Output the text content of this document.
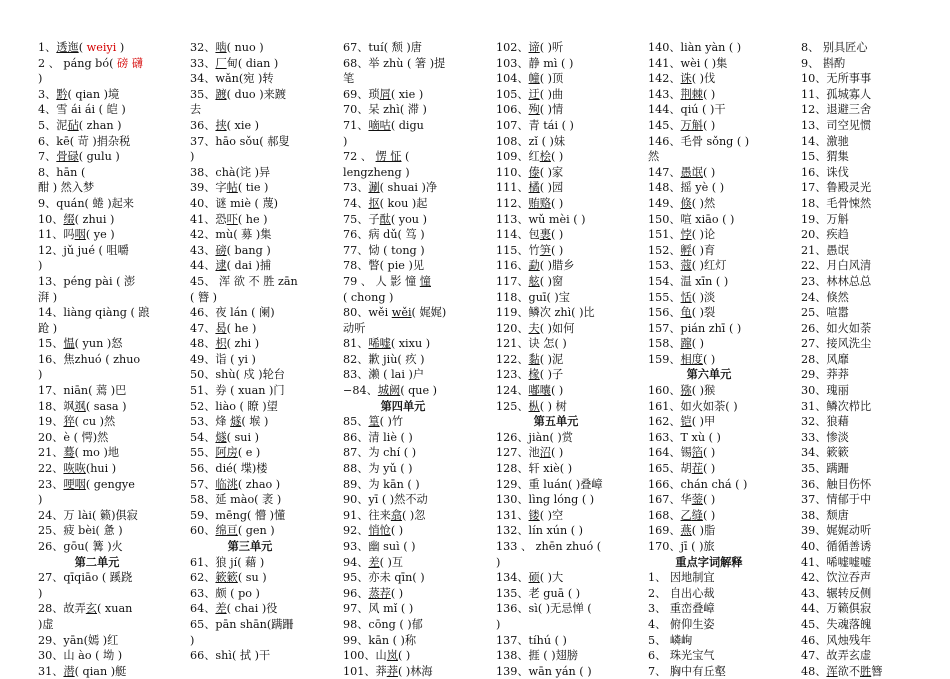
1、透迤( weiyi )
2 、 páng bó( 磅 礴
)
3、黔( qian )境
4、雪 ái ái ( 皑 )
5、泥砧( zhan )
6、kē( 苛 )捐杂税
7、骨碌( gulu )
8、hān (
酣 ) 然入梦
9、quán( 蜷 )起来
10、缀( zhui )
11、吗咽( ye )
12、jǔ jué ( 咀嚼
)
13、péng pài ( 澎
湃 )
14、liàng qiàng ( 踉
跄 )
15、愠( yun )怒
16、焦zhuó ( zhuo
)
17、niān( 蔫 )巴
18、飒飒( sasa )
19、猝( cu )然
20、è ( 愕)然
21、蓦( mo )地
22、咴咴(hui )
23、哽咽( gengye
)
24、万 lài( 籁)俱寂
25、疲 bèi( 惫 )
26、gōu( 篝 )火
第二单元
27、qīqiāo ( 蹊跷
)
28、故弄玄( xuan
)虚
29、yān(嫣 )红
30、山 ào ( 坳 )
31、潜( qian )艇
32、啮( nuo )
33、厂甸( dian )
34、wǎn(宛 )转
35、踱( duo )来踱
去
36、挟( xie )
37、hāo sǒu( 郝叟
)
38、chà(诧 )异
39、字帖( tie )
40、谜 miè ( 蔑)
41、恐吓( he )
42、mù( 募 )集
43、磅( bang )
44、逮( dai )捕
45、 浑 欲 不 胜 zān
( 簪 )
46、夜 lán ( 阑)
47、曷( he )
48、枳( zhi )
49、诣 ( yi )
50、shù( 戍 )轮台
51、券 ( xuan )门
52、liào ( 瞭 )望
53、烽 燧( 堠 )
54、燧( sui )
55、阿房( e )
56、dié( 堞)楼
57、临洮( zhao )
58、延 mào( 袤 )
59、mēng( 懵 )懂
60、绵亘( gen )
第三单元
61、狼 jí( 藉 )
62、簌簌( su )
63、颇 ( po )
64、差( chai )役
65、pān shān(蹒跚
)
66、shì( 拭 )干
67、tuí( 颓 )唐
68、举 zhù ( 箸 )提
笔
69、琐屑( xie )
70、呆 zhì( 滞 )
71、嘀咕( digu
)
72 、 愣 怔 (
lengzheng )
73、涮( shuai )净
74、抠( kou )起
75、子酞( you )
76、病 dǔ( 笃 )
77、恸 ( tong )
78、瞥( pie )见
79 、 人 影 憧 憧
( chong )
80、wěi wěi( 娓娓)
动听
81、唏嘘( xixu )
82、歉 jiù( 疚 )
83、濑 ( lai )户
−84、城阙( que )
第四单元
85、篁( )竹
86、清 liè ( )
87、为 chí ( )
88、为 yǔ ( )
89、为 kān ( )
90、yī ( )然不动
91、往来翕( )忽
92、悄怆( )
93、幽 suì ( )
94、差( )互
95、亦未 qīn( )
96、蒸荐( )
97、风 mǐ ( )
98、cōng ( )郁
99、kān ( )称
100、山岚( )
101、莽莽( )林海
102、谛( )听
103、静 mì ( )
104、幢( )顶
105、迂( )曲
106、殉( )情
107、青 tái ( )
108、zǐ ( )妹
109、红桧( )
110、傣( )家
111、橘( )园
112、贿赂( )
113、wǔ mèi ( )
114、包裹( )
115、竹笋( )
116、勐( )腊乡
117、舷( )窗
118、guī( )宝
119、鳞次 zhì( )比
120、夫( )如何
121、诀 怎( )
122、黏( )泥
123、椽( )子
124、嘟囔( )
125、枞( ) 树
第五单元
126、jiàn( )赏
127、池沼( )
128、轩 xiè( )
129、重 luán( )叠嶂
130、lìng lóng ( )
131、镂( )空
132、lín xún ( )
133 、 zhēn zhuó (
)
134、硕( )大
135、老 guā ( )
136、sì( )无忌惮 (
)
137、tíhú ( )
138、捱 ( )翅膀
139、wān yán ( )
140、liàn yàn ( )
141、wèi ( )集
142、诛( )伐
143、荆棘( )
144、qiú ( )干
145、万斛( )
146、毛骨 sǒng ( )
然
147、愚氓( )
148、摇 yè ( )
149、倏( )然
150、喧 xiāo ( )
151、悖( )论
152、孵( )育
153、蔻( )红灯
154、温 xīn ( )
155、恬( )淡
156、龟( )裂
157、pián zhī ( )
158、蹿( )
159、相度( )
第六单元
160、猕( )猴
161、如火如荼( )
162、铠( )甲
163、T xù ( )
164、锡箔( )
165、胡茬( )
166、chán chá ( )
167、华蓥( )
168、乙缝( )
169、燕( )脂
170、jī ( )旅
重点字词解释
1、 因地制宜
2、 自出心裁
3、 重峦叠嶂
4、 俯仰生姿
5、 嶙峋
6、 珠光宝气
7、 胸中有丘壑
8、 别具匠心
9、 斟酌
10、无所事事
11、孤城寡人
12、退避三舍
13、司空见惯
14、激驰
15、猬集
16、诛伐
17、鲁殿灵光
18、毛骨悚然
19、万斛
20、疾趋
21、愚氓
22、月白风清
23、林林总总
24、倏然
25、喧嚣
26、如火如荼
27、接风洗尘
28、风靡
29、莽莽
30、瑰丽
31、鳞次栉比
32、狼藉
33、惨淡
34、簌簌
35、蹒跚
36、触目伤怀
37、情郁于中
38、颓唐
39、娓娓动听
40、循循善诱
41、唏嘘嘘嘘
42、饮泣吞声
43、辗转反侧
44、万籁俱寂
45、失魂落魄
46、风烛残年
47、故弄玄虚
48、浑欲不胜簪
